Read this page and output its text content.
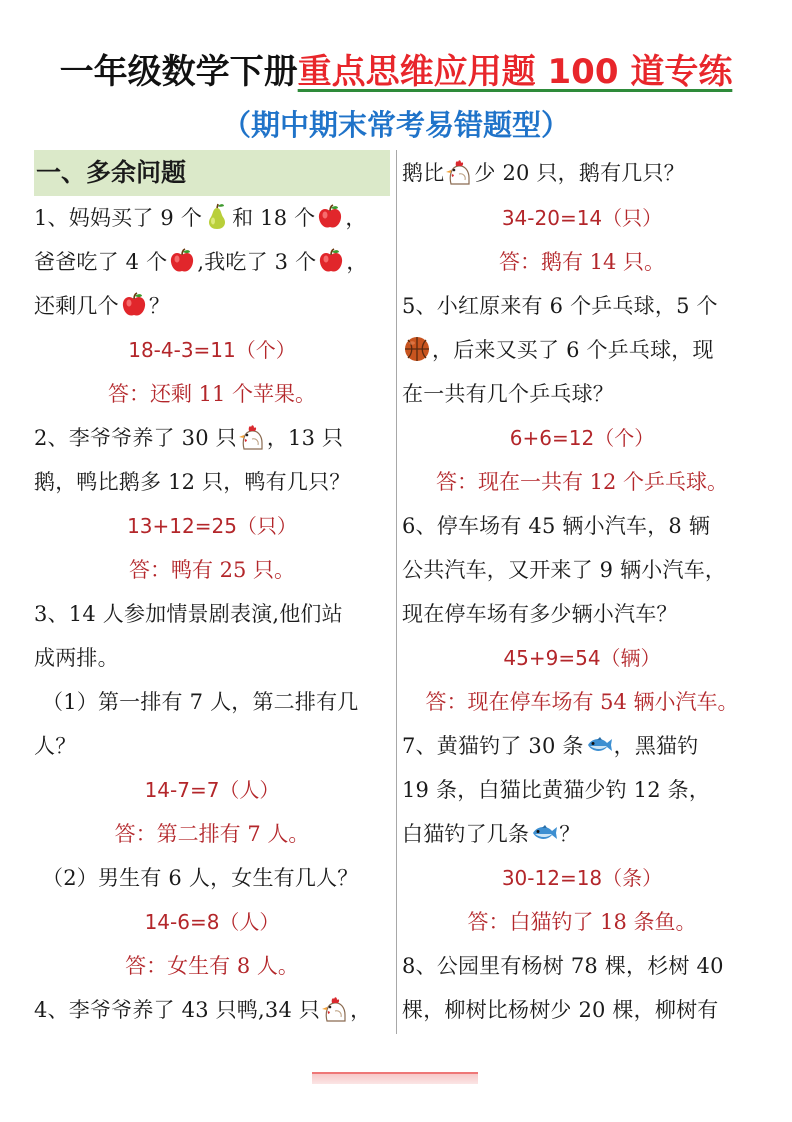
一年级数学下册重点思维应用题 100 道专练
（期中期末常考易错题型）
一、多余问题
1、妈妈买了 9 个 和 18 个 ，
爸爸吃了 4 个 ,我吃了 3 个 ，
还剩几个 ？
18-4-3=11（个）
答：还剩 11 个苹果。
2、李爷爷养了 30 只 ，13 只
鹅，鸭比鹅多 12 只，鸭有几只？
13+12=25（只）
答：鸭有 25 只。
3、14 人参加情景剧表演,他们站
成两排。
（1）第一排有 7 人，第二排有几
人？
14-7=7（人）
答：第二排有 7 人。
（2）男生有 6 人，女生有几人？
14-6=8（人）
答：女生有 8 人。
4、李爷爷养了 43 只鸭,34 只 ，
鹅比 少 20 只，鹅有几只？
34-20=14（只）
答：鹅有 14 只。
5、小红原来有 6 个乒乓球，5 个
，后来又买了 6 个乒乓球，现
在一共有几个乒乓球？
6+6=12（个）
答：现在一共有 12 个乒乓球。
6、停车场有 45 辆小汽车，8 辆
公共汽车，又开来了 9 辆小汽车，
现在停车场有多少辆小汽车？
45+9=54（辆）
答：现在停车场有 54 辆小汽车。
7、黄猫钓了 30 条 ，黑猫钓
19 条，白猫比黄猫少钓 12 条，
白猫钓了几条 ？
30-12=18（条）
答：白猫钓了 18 条鱼。
8、公园里有杨树 78 棵，杉树 40
棵，柳树比杨树少 20 棵，柳树有
